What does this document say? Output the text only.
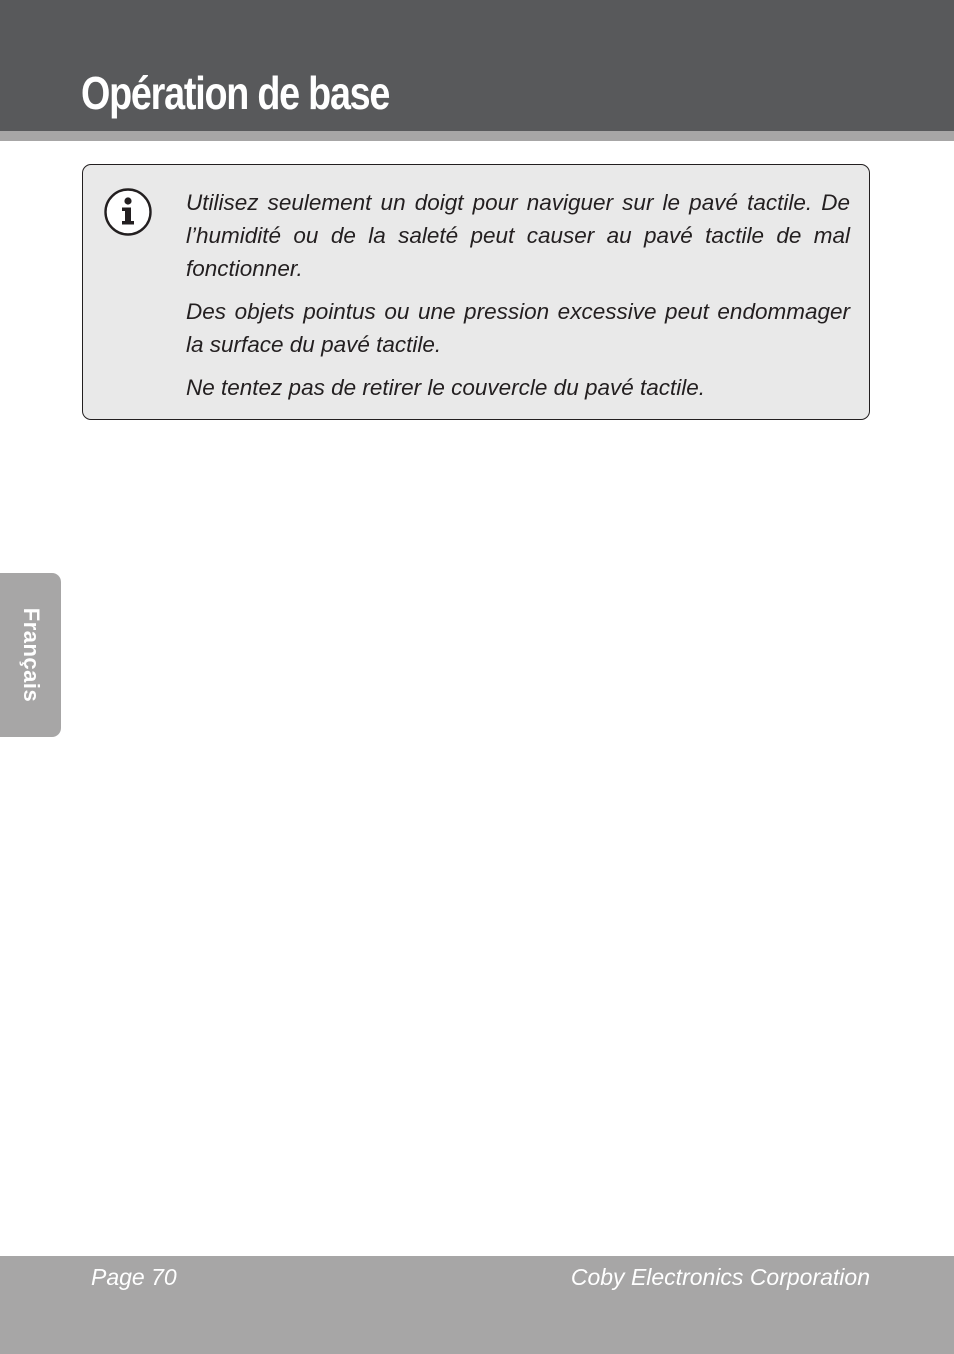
Opération de base

Utilisez seulement un doigt pour naviguer sur le pavé tactile. De l’humidité ou de la saleté peut causer au pavé tactile de mal fonctionner.

Des objets pointus ou une pression excessive peut endommager la surface du pavé tactile.

Ne tentez pas de retirer le couvercle du pavé tactile.

Français
Page 70	Coby Electronics Corporation
